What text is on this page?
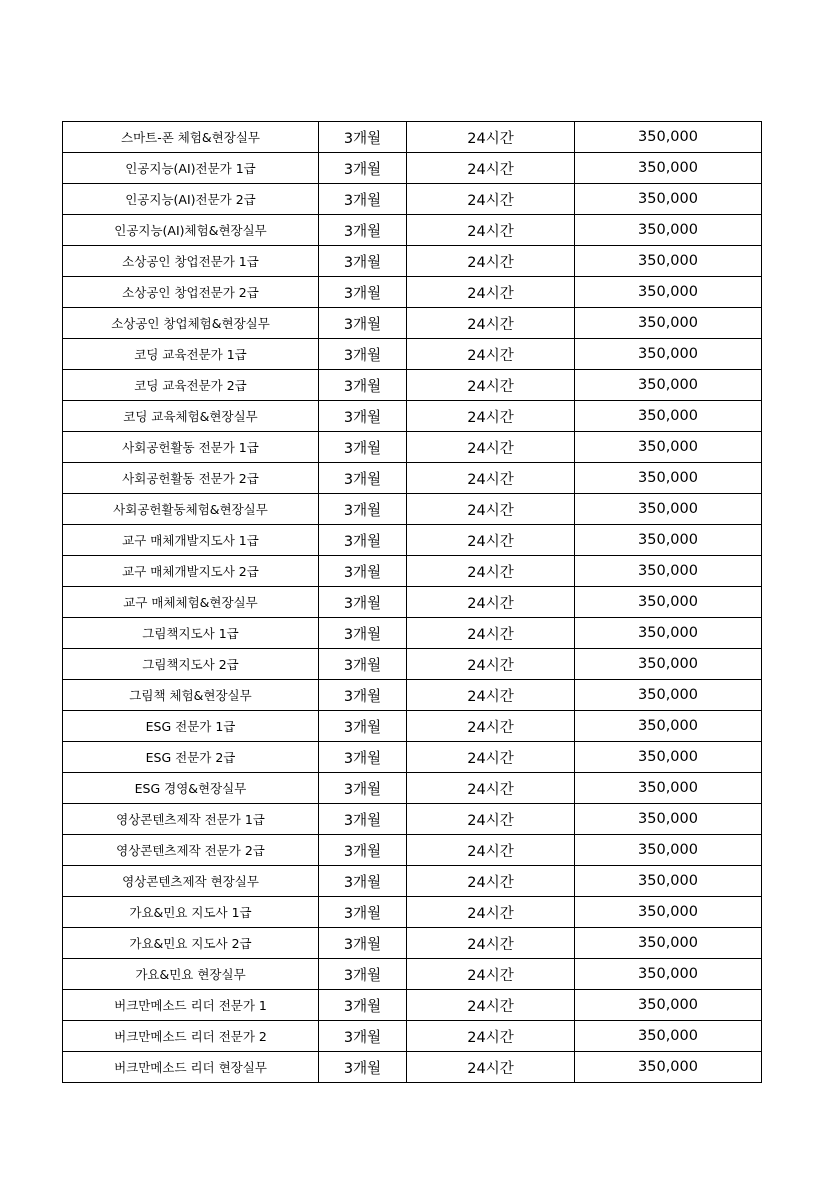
스마트-폰 체험&현장실무	3개월	24시간	350,000
인공지능(AI)전문가 1급	3개월	24시간	350,000
인공지능(AI)전문가 2급	3개월	24시간	350,000
인공지능(AI)체험&현장실무	3개월	24시간	350,000
소상공인 창업전문가 1급	3개월	24시간	350,000
소상공인 창업전문가 2급	3개월	24시간	350,000
소상공인 창업체험&현장실무	3개월	24시간	350,000
코딩 교육전문가 1급	3개월	24시간	350,000
코딩 교육전문가 2급	3개월	24시간	350,000
코딩 교육체험&현장실무	3개월	24시간	350,000
사회공헌활동 전문가 1급	3개월	24시간	350,000
사회공헌활동 전문가 2급	3개월	24시간	350,000
사회공헌활동체험&현장실무	3개월	24시간	350,000
교구 매체개발지도사 1급	3개월	24시간	350,000
교구 매체개발지도사 2급	3개월	24시간	350,000
교구 매체체험&현장실무	3개월	24시간	350,000
그림책지도사 1급	3개월	24시간	350,000
그림책지도사 2급	3개월	24시간	350,000
그림책 체험&현장실무	3개월	24시간	350,000
ESG 전문가 1급	3개월	24시간	350,000
ESG 전문가 2급	3개월	24시간	350,000
ESG 경영&현장실무	3개월	24시간	350,000
영상콘텐츠제작 전문가 1급	3개월	24시간	350,000
영상콘텐츠제작 전문가 2급	3개월	24시간	350,000
영상콘텐츠제작 현장실무	3개월	24시간	350,000
가요&민요 지도사 1급	3개월	24시간	350,000
가요&민요 지도사 2급	3개월	24시간	350,000
가요&민요 현장실무	3개월	24시간	350,000
버크만메소드 리더 전문가 1	3개월	24시간	350,000
버크만메소드 리더 전문가 2	3개월	24시간	350,000
버크만메소드 리더 현장실무	3개월	24시간	350,000
